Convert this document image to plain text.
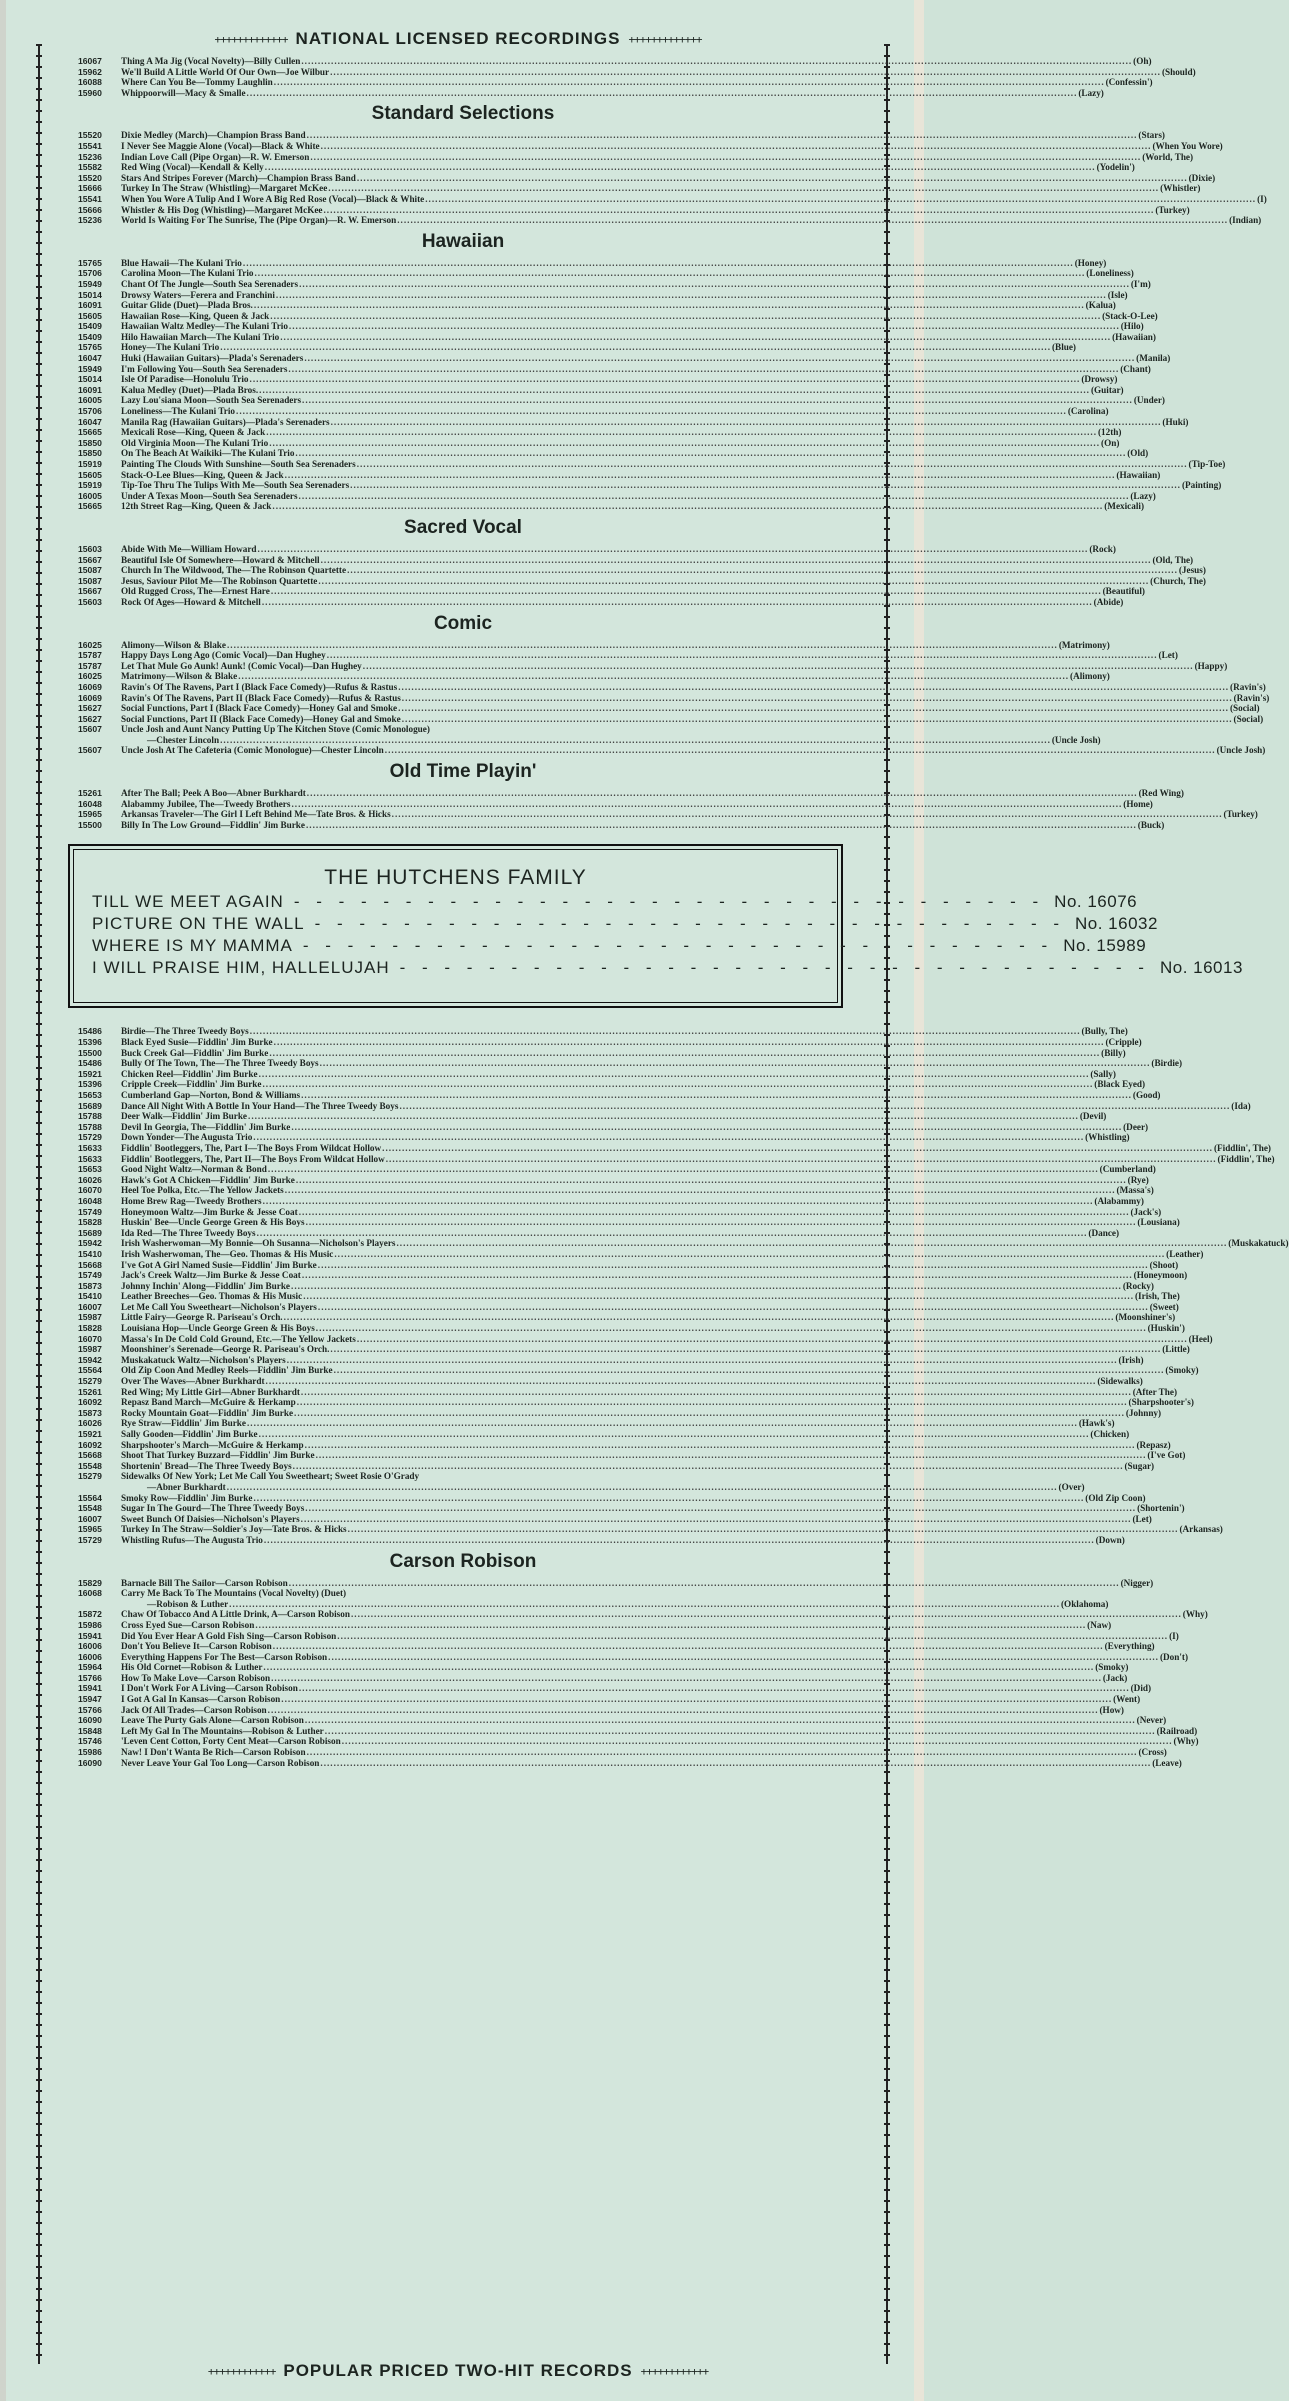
+++++++++++++ NATIONAL LICENSED RECORDINGS +++++++++++++
16067	Thing A Ma Jig (Vocal Novelty)—Billy Cullen .....	(Oh)
15962	We'll Build A Little World Of Our Own—Joe Wilbur .....	(Should)
16088	Where Can You Be—Tommy Laughlin .....	(Confessin')
15960	Whippoorwill—Macy & Smalle .....	(Lazy)
Standard Selections
15520	Dixie Medley (March)—Champion Brass Band .....	(Stars)
15541	I Never See Maggie Alone (Vocal)—Black & White .....	(When You Wore)
15236	Indian Love Call (Pipe Organ)—R. W. Emerson .....	(World, The)
15582	Red Wing (Vocal)—Kendall & Kelly .....	(Yodelin')
15520	Stars And Stripes Forever (March)—Champion Brass Band .....	(Dixie)
15666	Turkey In The Straw (Whistling)—Margaret McKee .....	(Whistler)
15541	When You Wore A Tulip And I Wore A Big Red Rose (Vocal)—Black & White .....	(I)
15666	Whistler & His Dog (Whistling)—Margaret McKee .....	(Turkey)
15236	World Is Waiting For The Sunrise, The (Pipe Organ)—R. W. Emerson .....	(Indian)
Hawaiian
15765	Blue Hawaii—The Kulani Trio .....	(Honey)
15706	Carolina Moon—The Kulani Trio .....	(Loneliness)
15949	Chant Of The Jungle—South Sea Serenaders .....	(I'm)
15014	Drowsy Waters—Ferera and Franchini .....	(Isle)
16091	Guitar Glide (Duet)—Plada Bros. .....	(Kalua)
15605	Hawaiian Rose—King, Queen & Jack .....	(Stack-O-Lee)
15409	Hawaiian Waltz Medley—The Kulani Trio .....	(Hilo)
15409	Hilo Hawaiian March—The Kulani Trio .....	(Hawaiian)
15765	Honey—The Kulani Trio .....	(Blue)
16047	Huki (Hawaiian Guitars)—Plada's Serenaders .....	(Manila)
15949	I'm Following You—South Sea Serenaders .....	(Chant)
15014	Isle Of Paradise—Honolulu Trio .....	(Drowsy)
16091	Kalua Medley (Duet)—Plada Bros. .....	(Guitar)
16005	Lazy Lou'siana Moon—South Sea Serenaders .....	(Under)
15706	Loneliness—The Kulani Trio .....	(Carolina)
16047	Manila Rag (Hawaiian Guitars)—Plada's Serenaders .....	(Huki)
15665	Mexicali Rose—King, Queen & Jack .....	(12th)
15850	Old Virginia Moon—The Kulani Trio .....	(On)
15850	On The Beach At Waikiki—The Kulani Trio .....	(Old)
15919	Painting The Clouds With Sunshine—South Sea Serenaders .....	(Tip-Toe)
15605	Stack-O-Lee Blues—King, Queen & Jack .....	(Hawaiian)
15919	Tip-Toe Thru The Tulips With Me—South Sea Serenaders .....	(Painting)
16005	Under A Texas Moon—South Sea Serenaders .....	(Lazy)
15665	12th Street Rag—King, Queen & Jack .....	(Mexicali)
Sacred Vocal
15603	Abide With Me—William Howard .....	(Rock)
15667	Beautiful Isle Of Somewhere—Howard & Mitchell .....	(Old, The)
15087	Church In The Wildwood, The—The Robinson Quartette .....	(Jesus)
15087	Jesus, Saviour Pilot Me—The Robinson Quartette .....	(Church, The)
15667	Old Rugged Cross, The—Ernest Hare .....	(Beautiful)
15603	Rock Of Ages—Howard & Mitchell .....	(Abide)
Comic
16025	Alimony—Wilson & Blake .....	(Matrimony)
15787	Happy Days Long Ago (Comic Vocal)—Dan Hughey .....	(Let)
15787	Let That Mule Go Aunk! Aunk! (Comic Vocal)—Dan Hughey .....	(Happy)
16025	Matrimony—Wilson & Blake .....	(Alimony)
16069	Ravin's Of The Ravens, Part I (Black Face Comedy)—Rufus & Rastus .....	(Ravin's)
16069	Ravin's Of The Ravens, Part II (Black Face Comedy)—Rufus & Rastus .....	(Ravin's)
15627	Social Functions, Part I (Black Face Comedy)—Honey Gal and Smoke .....	(Social)
15627	Social Functions, Part II (Black Face Comedy)—Honey Gal and Smoke .....	(Social)
15607	Uncle Josh and Aunt Nancy Putting Up The Kitchen Stove (Comic Monologue)
—Chester Lincoln .....	(Uncle Josh)
15607	Uncle Josh At The Cafeteria (Comic Monologue)—Chester Lincoln .....	(Uncle Josh)
Old Time Playin'
15261	After The Ball; Peek A Boo—Abner Burkhardt .....	(Red Wing)
16048	Alabammy Jubilee, The—Tweedy Brothers .....	(Home)
15965	Arkansas Traveler—The Girl I Left Behind Me—Tate Bros. & Hicks .....	(Turkey)
15500	Billy In The Low Ground—Fiddlin' Jim Burke .....	(Buck)
THE HUTCHENS FAMILY
TILL WE MEET AGAIN - - -	No. 16076
PICTURE ON THE WALL - - -	No. 16032
WHERE IS MY MAMMA - - -	No. 15989
I WILL PRAISE HIM, HALLELUJAH - - -	No. 16013
15486	Birdie—The Three Tweedy Boys .....	(Bully, The)
15396	Black Eyed Susie—Fiddlin' Jim Burke .....	(Cripple)
15500	Buck Creek Gal—Fiddlin' Jim Burke .....	(Billy)
15486	Bully Of The Town, The—The Three Tweedy Boys .....	(Birdie)
15921	Chicken Reel—Fiddlin' Jim Burke .....	(Sally)
15396	Cripple Creek—Fiddlin' Jim Burke .....	(Black Eyed)
15653	Cumberland Gap—Norton, Bond & Williams .....	(Good)
15689	Dance All Night With A Bottle In Your Hand—The Three Tweedy Boys .....	(Ida)
15788	Deer Walk—Fiddlin' Jim Burke .....	(Devil)
15788	Devil In Georgia, The—Fiddlin' Jim Burke .....	(Deer)
15729	Down Yonder—The Augusta Trio .....	(Whistling)
15633	Fiddlin' Bootleggers, The, Part I—The Boys From Wildcat Hollow .....	(Fiddlin', The)
15633	Fiddlin' Bootleggers, The, Part II—The Boys From Wildcat Hollow .....	(Fiddlin', The)
15653	Good Night Waltz—Norman & Bond .....	(Cumberland)
16026	Hawk's Got A Chicken—Fiddlin' Jim Burke .....	(Rye)
16070	Heel Toe Polka, Etc.—The Yellow Jackets .....	(Massa's)
16048	Home Brew Rag—Tweedy Brothers .....	(Alabammy)
15749	Honeymoon Waltz—Jim Burke & Jesse Coat .....	(Jack's)
15828	Huskin' Bee—Uncle George Green & His Boys .....	(Lousiana)
15689	Ida Red—The Three Tweedy Boys .....	(Dance)
15942	Irish Washerwoman—My Bonnie—Oh Susanna—Nicholson's Players .....	(Muskakatuck)
15410	Irish Washerwoman, The—Geo. Thomas & His Music .....	(Leather)
15668	I've Got A Girl Named Susie—Fiddlin' Jim Burke .....	(Shoot)
15749	Jack's Creek Waltz—Jim Burke & Jesse Coat .....	(Honeymoon)
15873	Johnny Inchin' Along—Fiddlin' Jim Burke .....	(Rocky)
15410	Leather Breeches—Geo. Thomas & His Music .....	(Irish, The)
16007	Let Me Call You Sweetheart—Nicholson's Players .....	(Sweet)
15987	Little Fairy—George R. Pariseau's Orch. .....	(Moonshiner's)
15828	Louisiana Hop—Uncle George Green & His Boys .....	(Huskin')
16070	Massa's In De Cold Cold Ground, Etc.—The Yellow Jackets .....	(Heel)
15987	Moonshiner's Serenade—George R. Pariseau's Orch. .....	(Little)
15942	Muskakatuck Waltz—Nicholson's Players .....	(Irish)
15564	Old Zip Coon And Medley Reels—Fiddlin' Jim Burke .....	(Smoky)
15279	Over The Waves—Abner Burkhardt .....	(Sidewalks)
15261	Red Wing; My Little Girl—Abner Burkhardt .....	(After The)
16092	Repasz Band March—McGuire & Herkamp .....	(Sharpshooter's)
15873	Rocky Mountain Goat—Fiddlin' Jim Burke .....	(Johnny)
16026	Rye Straw—Fiddlin' Jim Burke .....	(Hawk's)
15921	Sally Gooden—Fiddlin' Jim Burke .....	(Chicken)
16092	Sharpshooter's March—McGuire & Herkamp .....	(Repasz)
15668	Shoot That Turkey Buzzard—Fiddlin' Jim Burke .....	(I've Got)
15548	Shortenin' Bread—The Three Tweedy Boys .....	(Sugar)
15279	Sidewalks Of New York; Let Me Call You Sweetheart; Sweet Rosie O'Grady
—Abner Burkhardt .....	(Over)
15564	Smoky Row—Fiddlin' Jim Burke .....	(Old Zip Coon)
15548	Sugar In The Gourd—The Three Tweedy Boys .....	(Shortenin')
16007	Sweet Bunch Of Daisies—Nicholson's Players .....	(Let)
15965	Turkey In The Straw—Soldier's Joy—Tate Bros. & Hicks .....	(Arkansas)
15729	Whistling Rufus—The Augusta Trio .....	(Down)
Carson Robison
15829	Barnacle Bill The Sailor—Carson Robison .....	(Nigger)
16068	Carry Me Back To The Mountains (Vocal Novelty) (Duet)
—Robison & Luther .....	(Oklahoma)
15872	Chaw Of Tobacco And A Little Drink, A—Carson Robison .....	(Why)
15986	Cross Eyed Sue—Carson Robison .....	(Naw)
15941	Did You Ever Hear A Gold Fish Sing—Carson Robison .....	(I)
16006	Don't You Believe It—Carson Robison .....	(Everything)
16006	Everything Happens For The Best—Carson Robison .....	(Don't)
15964	His Old Cornet—Robison & Luther .....	(Smoky)
15766	How To Make Love—Carson Robison .....	(Jack)
15941	I Don't Work For A Living—Carson Robison .....	(Did)
15947	I Got A Gal In Kansas—Carson Robison .....	(Went)
15766	Jack Of All Trades—Carson Robison .....	(How)
16090	Leave The Purty Gals Alone—Carson Robison .....	(Never)
15848	Left My Gal In The Mountains—Robison & Luther .....	(Railroad)
15746	'Leven Cent Cotton, Forty Cent Meat—Carson Robison .....	(Why)
15986	Naw! I Don't Wanta Be Rich—Carson Robison .....	(Cross)
16090	Never Leave Your Gal Too Long—Carson Robison .....	(Leave)
++++++++++++ POPULAR PRICED TWO-HIT RECORDS ++++++++++++
